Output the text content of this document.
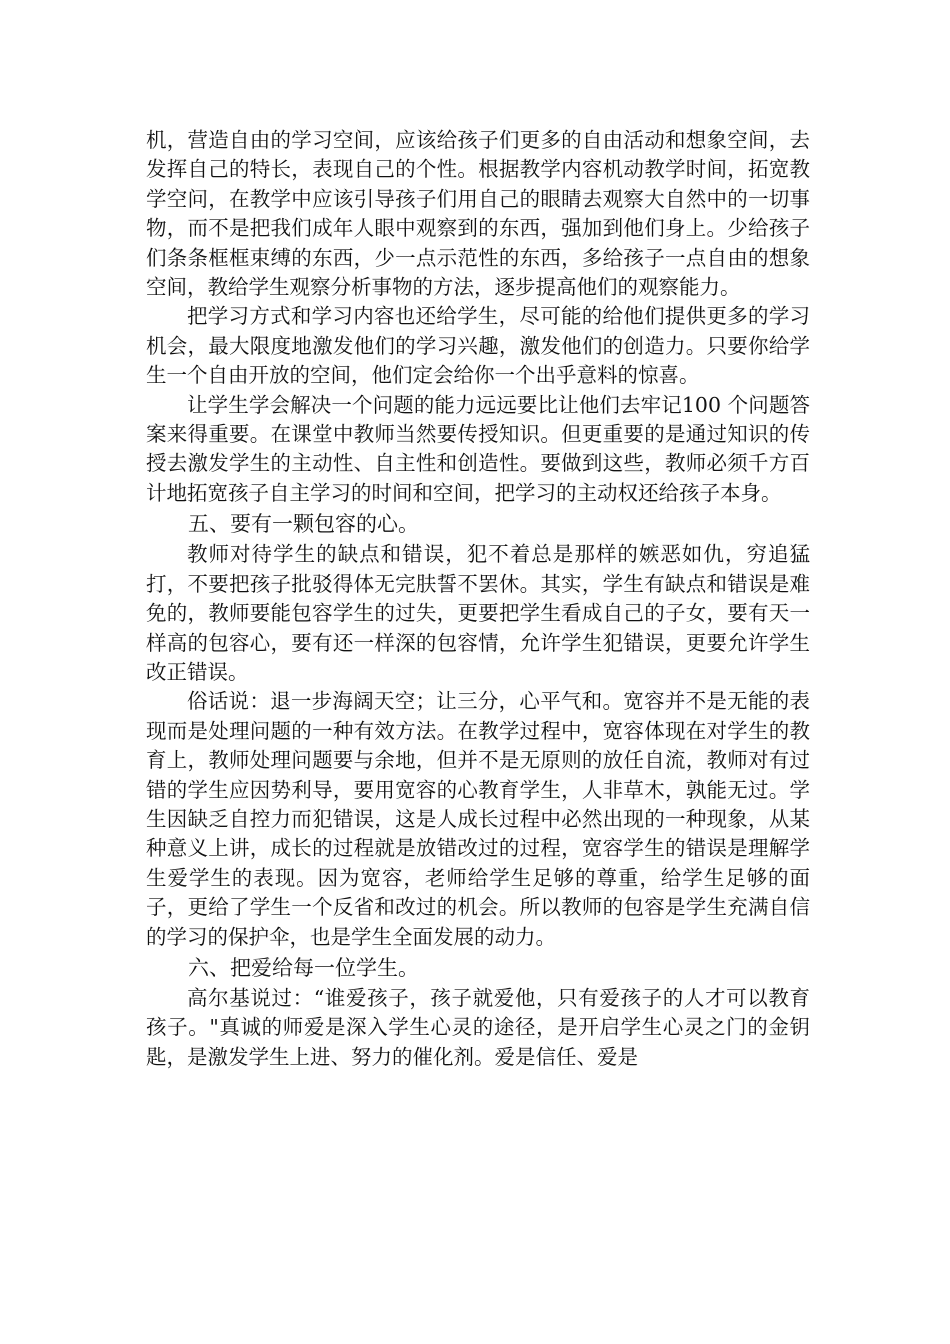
机，营造自由的学习空间，应该给孩子们更多的自由活动和想象空间，去发挥自己的特长，表现自己的个性。根据教学内容机动教学时间，拓宽教学空问，在教学中应该引导孩子们用自己的眼睛去观察大自然中的一切事物，而不是把我们成年人眼中观察到的东西，强加到他们身上。少给孩子们条条框框束缚的东西，少一点示范性的东西，多给孩子一点自由的想象空间，教给学生观察分析事物的方法，逐步提高他们的观察能力。

把学习方式和学习内容也还给学生，尽可能的给他们提供更多的学习机会，最大限度地激发他们的学习兴趣，激发他们的创造力。只要你给学生一个自由开放的空间，他们定会给你一个出乎意料的惊喜。

让学生学会解决一个问题的能力远远要比让他们去牢记100 个问题答案来得重要。在课堂中教师当然要传授知识。但更重要的是通过知识的传授去激发学生的主动性、自主性和创造性。要做到这些，教师必须千方百计地拓宽孩子自主学习的时间和空间，把学习的主动权还给孩子本身。

五、要有一颗包容的心。

教师对待学生的缺点和错误，犯不着总是那样的嫉恶如仇，穷追猛打，不要把孩子批驳得体无完肤誓不罢休。其实，学生有缺点和错误是难免的，教师要能包容学生的过失，更要把学生看成自己的子女，要有天一样高的包容心，要有还一样深的包容情，允许学生犯错误，更要允许学生改正错误。

俗话说：退一步海阔天空；让三分，心平气和。宽容并不是无能的表现而是处理问题的一种有效方法。在教学过程中，宽容体现在对学生的教育上，教师处理问题要与余地，但并不是无原则的放任自流，教师对有过错的学生应因势利导，要用宽容的心教育学生，人非草木，孰能无过。学生因缺乏自控力而犯错误，这是人成长过程中必然出现的一种现象，从某种意义上讲，成长的过程就是放错改过的过程，宽容学生的错误是理解学生爱学生的表现。因为宽容，老师给学生足够的尊重，给学生足够的面子，更给了学生一个反省和改过的机会。所以教师的包容是学生充满自信的学习的保护伞，也是学生全面发展的动力。

六、把爱给每一位学生。

高尔基说过：“谁爱孩子，孩子就爱他，只有爱孩子的人才可以教育孩子。"真诚的师爱是深入学生心灵的途径，是开启学生心灵之门的金钥匙，是激发学生上进、努力的催化剂。爱是信任、爱是
